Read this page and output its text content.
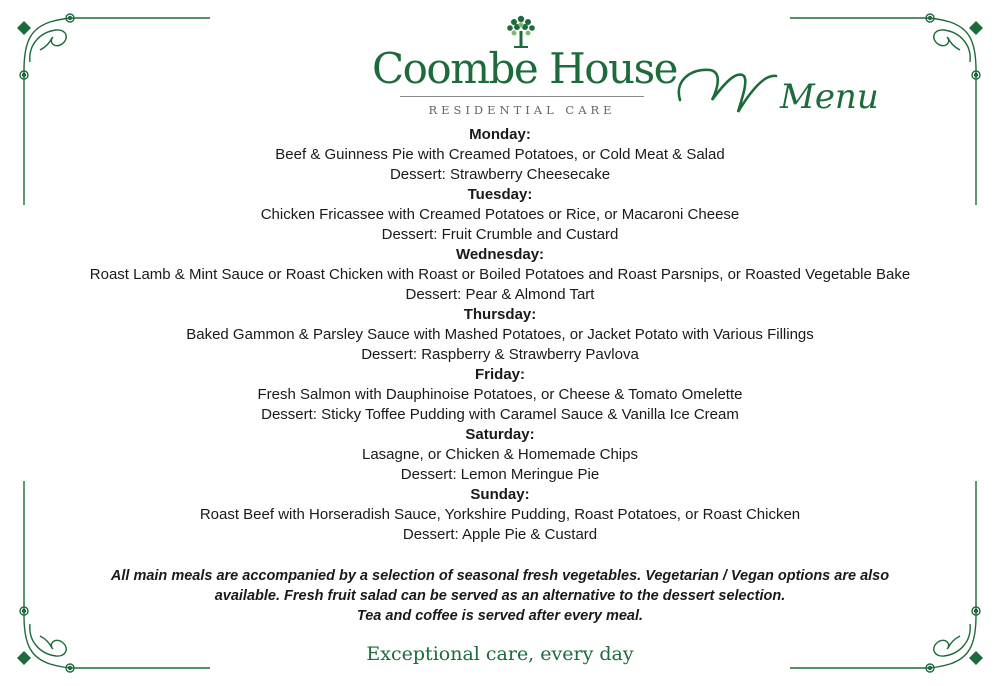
Coombe House
RESIDENTIAL CARE	Menu
Monday:
Beef & Guinness Pie with Creamed Potatoes, or Cold Meat & Salad
Dessert: Strawberry Cheesecake
Tuesday:
Chicken Fricassee with Creamed Potatoes or Rice, or Macaroni Cheese
Dessert: Fruit Crumble and Custard
Wednesday:
Roast Lamb & Mint Sauce or Roast Chicken with Roast or Boiled Potatoes and Roast Parsnips, or Roasted Vegetable Bake
Dessert: Pear & Almond Tart
Thursday:
Baked Gammon & Parsley Sauce with Mashed Potatoes, or Jacket Potato with Various Fillings
Dessert: Raspberry & Strawberry Pavlova
Friday:
Fresh Salmon with Dauphinoise Potatoes, or Cheese & Tomato Omelette
Dessert: Sticky Toffee Pudding with Caramel Sauce & Vanilla Ice Cream
Saturday:
Lasagne, or Chicken & Homemade Chips
Dessert: Lemon Meringue Pie
Sunday:
Roast Beef with Horseradish Sauce, Yorkshire Pudding, Roast Potatoes, or Roast Chicken
Dessert: Apple Pie & Custard
All main meals are accompanied by a selection of seasonal fresh vegetables. Vegetarian / Vegan options are also
available. Fresh fruit salad can be served as an alternative to the dessert selection.
Tea and coffee is served after every meal.
Exceptional care, every day
